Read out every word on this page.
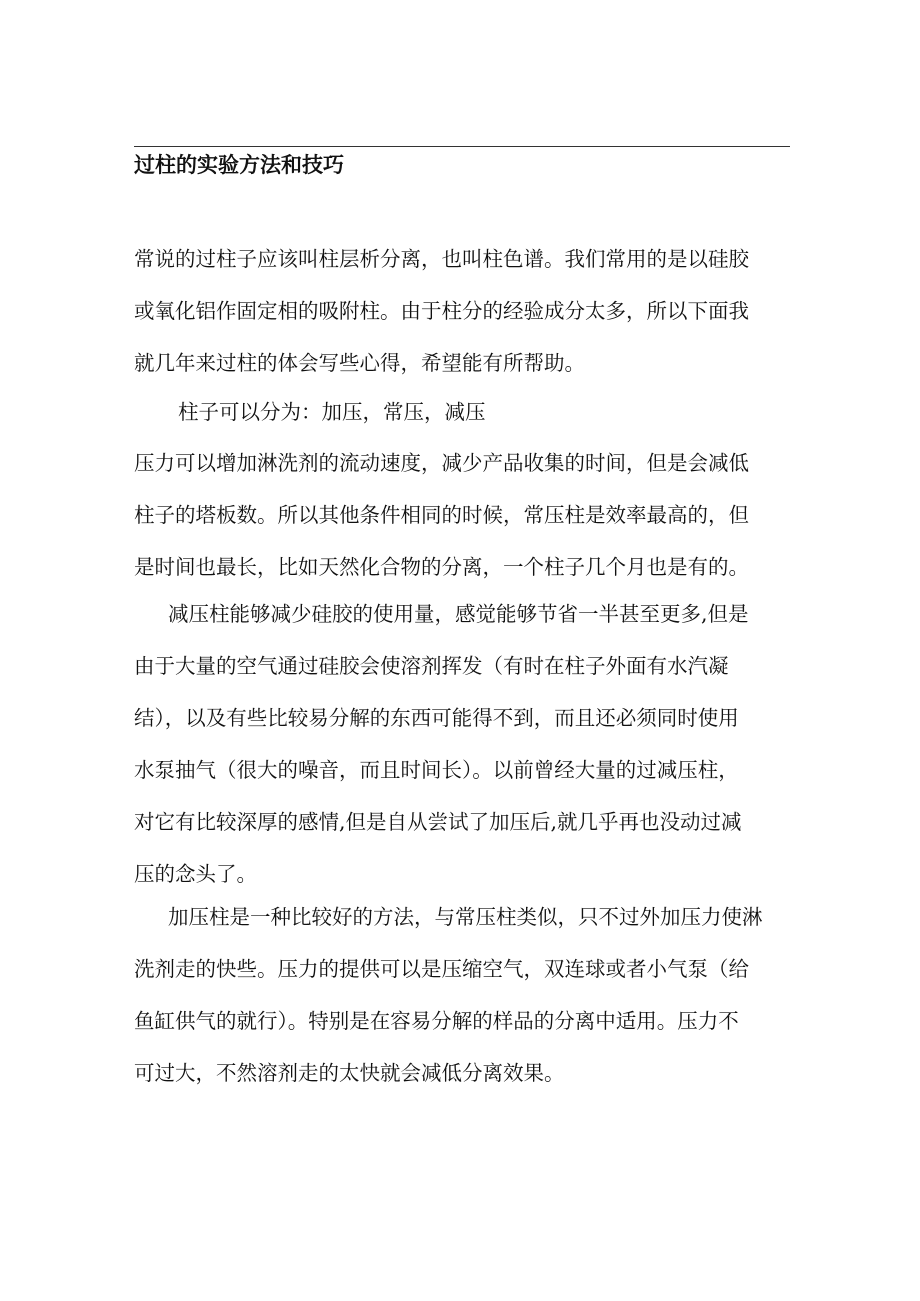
过柱的实验方法和技巧
常说的过柱子应该叫柱层析分离，也叫柱色谱。我们常用的是以硅胶
或氧化铝作固定相的吸附柱。由于柱分的经验成分太多，所以下面我
就几年来过柱的体会写些心得，希望能有所帮助。
柱子可以分为：加压，常压，减压
压力可以增加淋洗剂的流动速度，减少产品收集的时间，但是会减低
柱子的塔板数。所以其他条件相同的时候，常压柱是效率最高的，但
是时间也最长，比如天然化合物的分离，一个柱子几个月也是有的。
减压柱能够减少硅胶的使用量，感觉能够节省一半甚至更多,但是
由于大量的空气通过硅胶会使溶剂挥发（有时在柱子外面有水汽凝
结），以及有些比较易分解的东西可能得不到，而且还必须同时使用
水泵抽气（很大的噪音，而且时间长）。以前曾经大量的过减压柱，
对它有比较深厚的感情,但是自从尝试了加压后,就几乎再也没动过减
压的念头了。
加压柱是一种比较好的方法，与常压柱类似，只不过外加压力使淋
洗剂走的快些。压力的提供可以是压缩空气，双连球或者小气泵（给
鱼缸供气的就行）。特别是在容易分解的样品的分离中适用。压力不
可过大，不然溶剂走的太快就会减低分离效果。
